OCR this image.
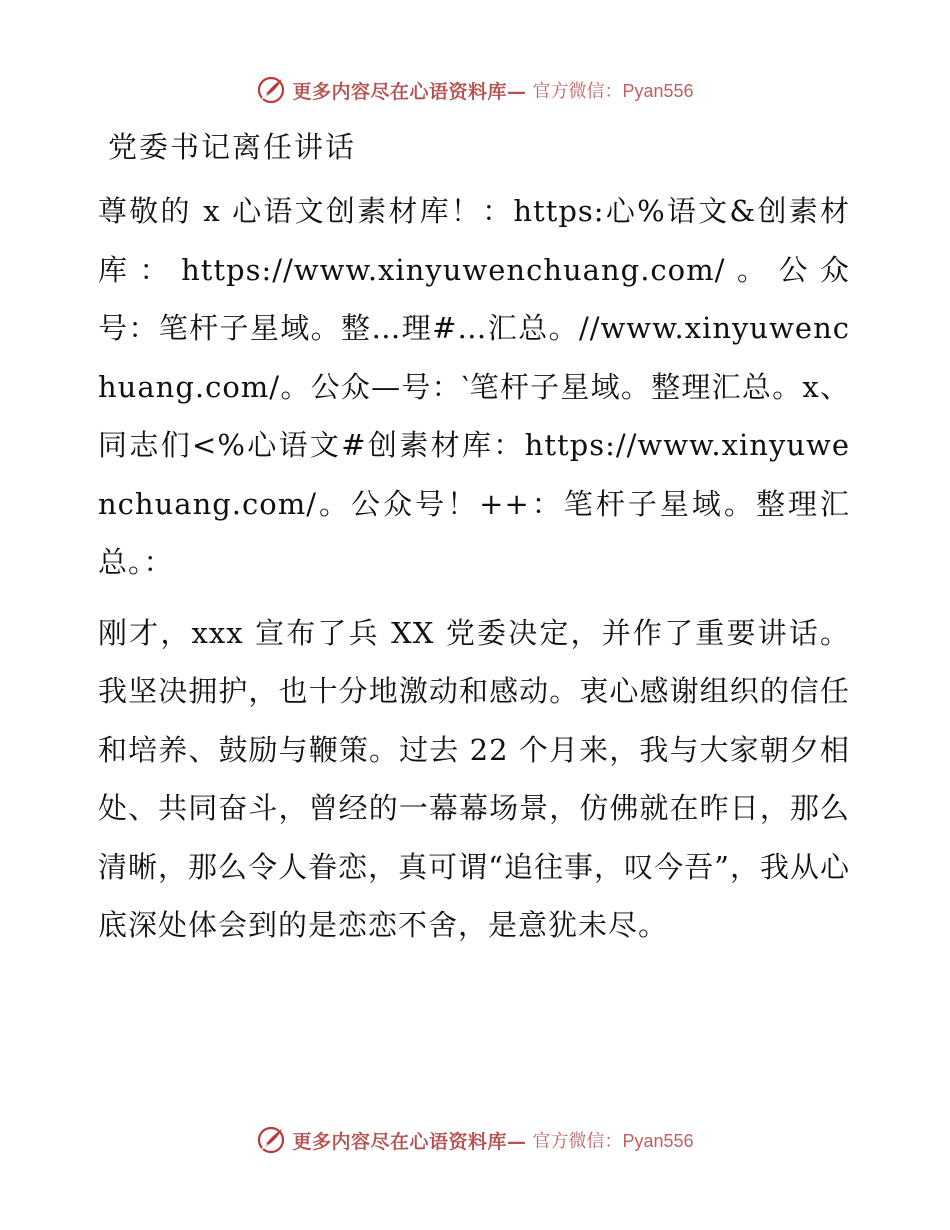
更多内容尽在心语资料库— 官方微信：Pyan556
党委书记离任讲话

尊敬的 x 心语文创素材库！：https:心%语文&创素材库：https://www.xinyuwenchuang.com/。公众号：笔杆子星域。整…理#…汇总。//www.xinyuwenchuang.com/。公众—号：‵笔杆子星域。整理汇总。x、同志们<%心语文#创素材库：https://www.xinyuwenchuang.com/。公众号！++：笔杆子星域。整理汇总。：

刚才，xxx 宣布了兵 XX 党委决定，并作了重要讲话。我坚决拥护，也十分地激动和感动。衷心感谢组织的信任和培养、鼓励与鞭策。过去 22 个月来，我与大家朝夕相处、共同奋斗，曾经的一幕幕场景，仿佛就在昨日，那么清晰，那么令人眷恋，真可谓“追往事，叹今吾”，我从心底深处体会到的是恋恋不舍，是意犹未尽。

更多内容尽在心语资料库— 官方微信：Pyan556
